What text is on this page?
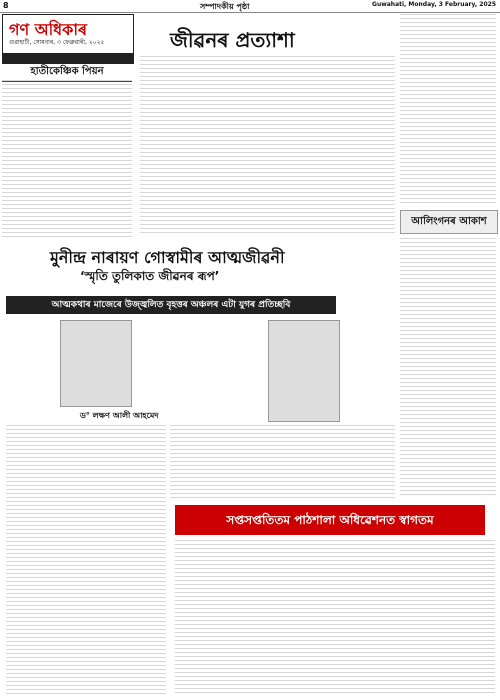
8	সম্পাদকীয় পৃষ্ঠা	Guwahati, Monday, 3 February, 2025
গণ অধিকাৰ
গুৱাহাটী, সোমবাৰ, ৩ ফেব্ৰুৱাৰী, ২০২৫
হাতীকেঞ্চিক পিয়ন
জীৱনৰ প্ৰত্যাশা
আলিংগনৰ আকাশ
মুনীন্দ্ৰ নাৰায়ণ গোস্বামীৰ আত্মজীৱনী
‘স্মৃতি তুলিকাত জীৱনৰ ৰূপ’
আত্মকথাৰ মাজেৰে উজ্জ্বলিত বৃহত্তৰ অঞ্চলৰ এটা যুগৰ প্ৰতিচ্ছবি
ড° লক্ষণ আলী আহমেদ
সপ্তসপ্ততিতম পাঠশালা অধিৱেশনত স্বাগতম
